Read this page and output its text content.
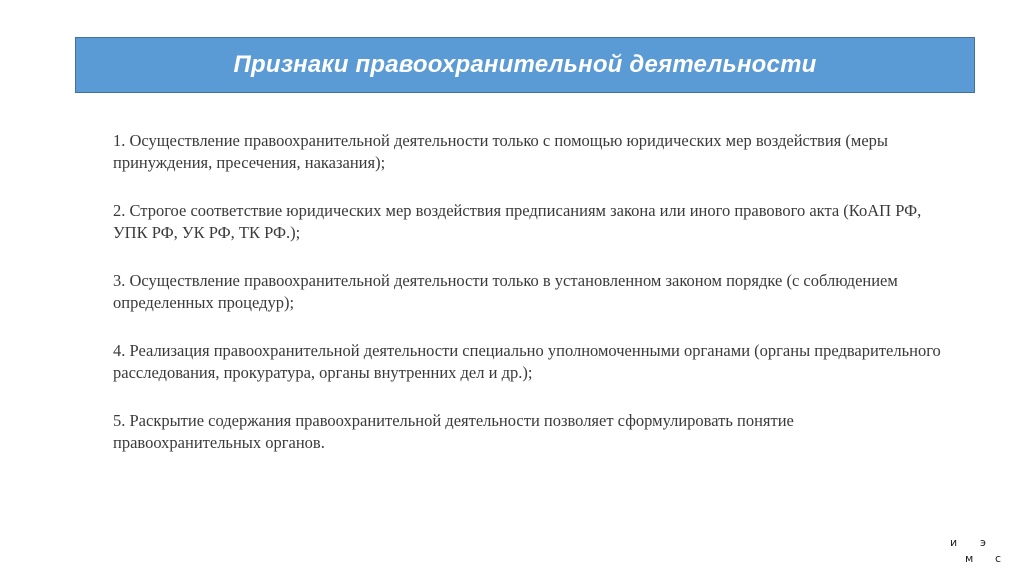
Признаки правоохранительной деятельности

1. Осуществление правоохранительной деятельности только с помощью юридических мер воздействия (меры принуждения, пресечения, наказания);

2. Строгое соответствие юридических мер воздействия предписаниям закона или иного правового акта (КоАП РФ, УПК РФ, УК РФ, ТК РФ.);

3. Осуществление правоохранительной деятельности только в установленном законом порядке (с соблюдением определенных процедур);

4. Реализация правоохранительной деятельности специально уполномоченными органами (органы предварительного расследования, прокуратура, органы внутренних дел и др.);

5. Раскрытие содержания правоохранительной деятельности позволяет сформулировать понятие правоохранительных органов.

и э
м с
